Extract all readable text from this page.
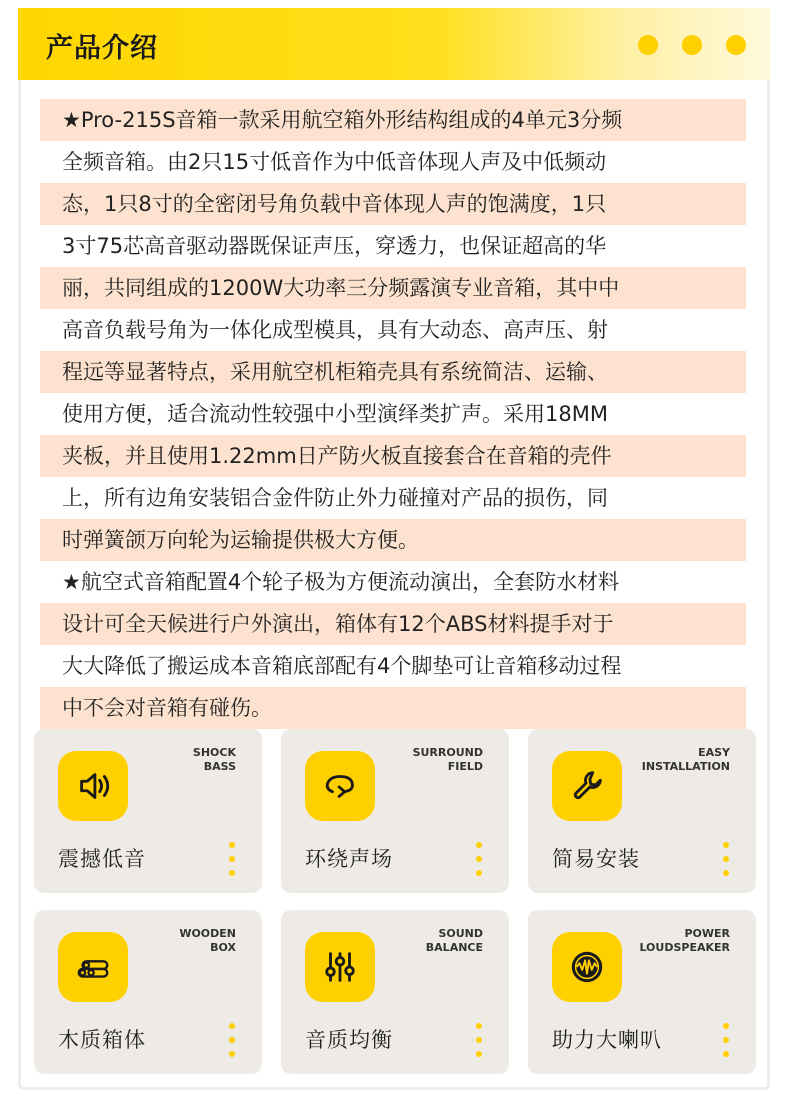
产品介绍
★Pro-215S音箱一款采用航空箱外形结构组成的4单元3分频
全频音箱。由2只15寸低音作为中低音体现人声及中低频动
态，1只8寸的全密闭号角负载中音体现人声的饱满度，1只
3寸75芯高音驱动器既保证声压，穿透力，也保证超高的华
丽，共同组成的1200W大功率三分频露演专业音箱，其中中
高音负载号角为一体化成型模具，具有大动态、高声压、射
程远等显著特点，采用航空机柜箱壳具有系统简洁、运输、
使用方便，适合流动性较强中小型演绎类扩声。采用18MM
夹板，并且使用1.22mm日产防火板直接套合在音箱的壳件
上，所有边角安装铝合金件防止外力碰撞对产品的损伤，同
时弹簧颌万向轮为运输提供极大方便。
★航空式音箱配置4个轮子极为方便流动演出，全套防水材料
设计可全天候进行户外演出，箱体有12个ABS材料提手对于
大大降低了搬运成本音箱底部配有4个脚垫可让音箱移动过程
中不会对音箱有碰伤。
SHOCK
BASS
震撼低音
SURROUND
FIELD
环绕声场
EASY
INSTALLATION
简易安装
WOODEN
BOX
木质箱体
SOUND
BALANCE
音质均衡
POWER
LOUDSPEAKER
助力大喇叭
